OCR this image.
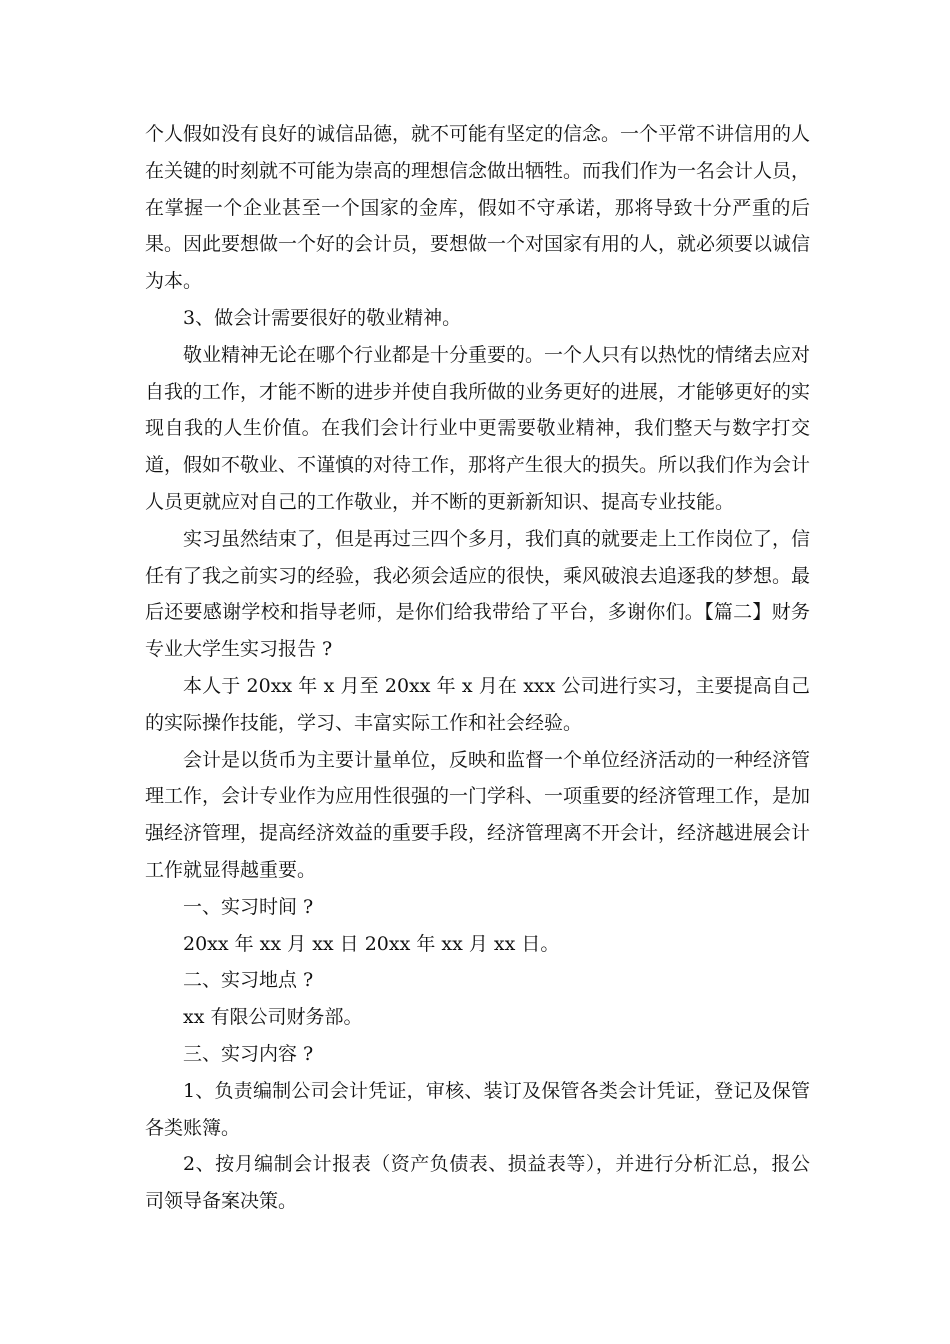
个人假如没有良好的诚信品德，就不可能有坚定的信念。一个平常不讲信用的人在关键的时刻就不可能为崇高的理想信念做出牺牲。而我们作为一名会计人员，在掌握一个企业甚至一个国家的金库，假如不守承诺，那将导致十分严重的后果。因此要想做一个好的会计员，要想做一个对国家有用的人，就必须要以诚信为本。

3、做会计需要很好的敬业精神。

敬业精神无论在哪个行业都是十分重要的。一个人只有以热忱的情绪去应对自我的工作，才能不断的进步并使自我所做的业务更好的进展，才能够更好的实现自我的人生价值。在我们会计行业中更需要敬业精神，我们整天与数字打交道，假如不敬业、不谨慎的对待工作，那将产生很大的损失。所以我们作为会计人员更就应对自己的工作敬业，并不断的更新新知识、提高专业技能。

实习虽然结束了，但是再过三四个多月，我们真的就要走上工作岗位了，信任有了我之前实习的经验，我必须会适应的很快，乘风破浪去追逐我的梦想。最后还要感谢学校和指导老师，是你们给我带给了平台，多谢你们。【篇二】财务专业大学生实习报告 ?

本人于 20xx 年 x 月至 20xx 年 x 月在 xxx 公司进行实习，主要提高自己的实际操作技能，学习、丰富实际工作和社会经验。

会计是以货币为主要计量单位，反映和监督一个单位经济活动的一种经济管理工作，会计专业作为应用性很强的一门学科、一项重要的经济管理工作，是加强经济管理，提高经济效益的重要手段，经济管理离不开会计，经济越进展会计工作就显得越重要。

一、实习时间 ?

20xx 年 xx 月 xx 日 20xx 年 xx 月 xx 日。

二、实习地点 ?

xx 有限公司财务部。

三、实习内容 ?

1、负责编制公司会计凭证，审核、装订及保管各类会计凭证，登记及保管各类账簿。

2、按月编制会计报表（资产负债表、损益表等），并进行分析汇总，报公司领导备案决策。
